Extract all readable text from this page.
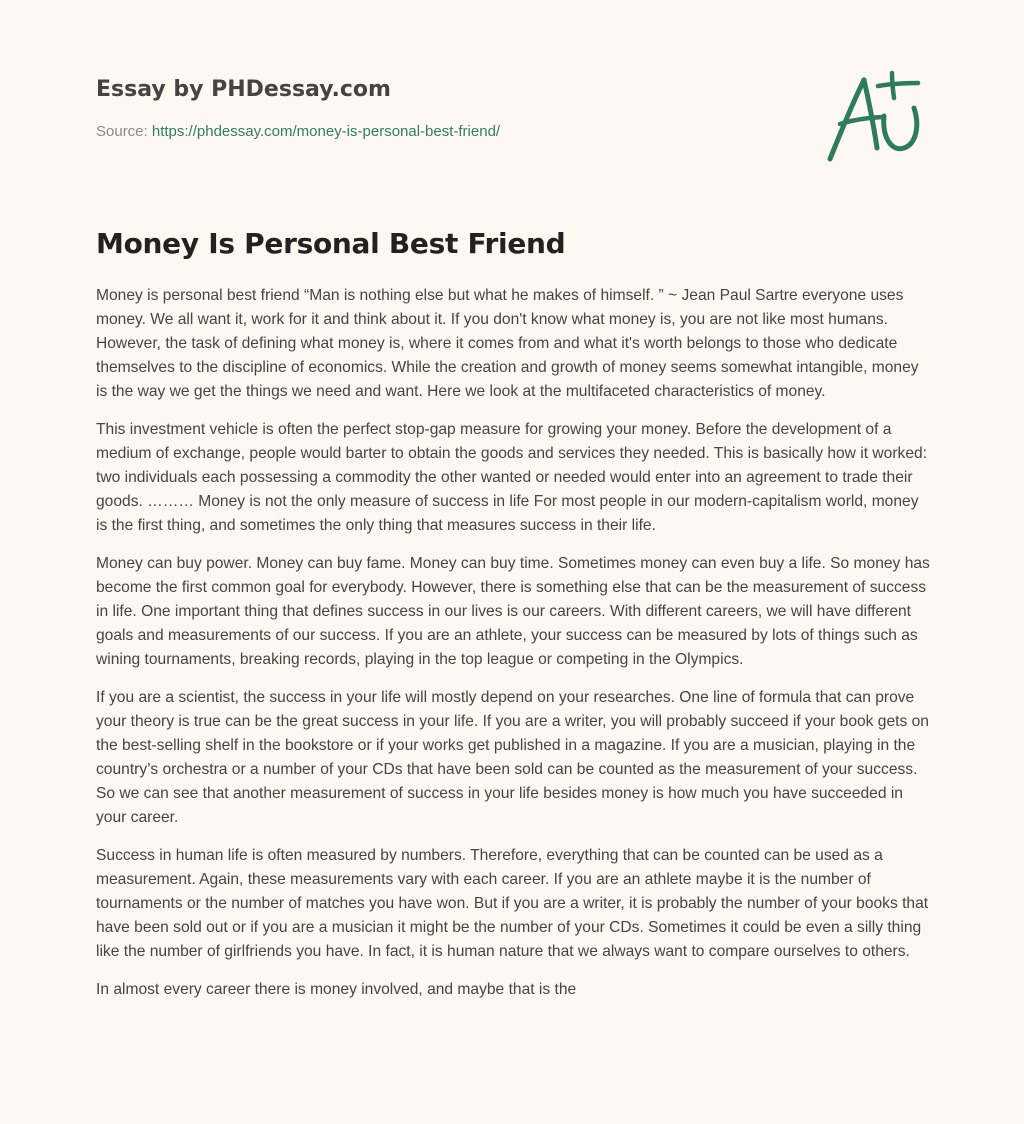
Essay by PHDessay.com
Source: https://phdessay.com/money-is-personal-best-friend/
Money Is Personal Best Friend

Money is personal best friend “Man is nothing else but what he makes of himself. ” ~ Jean Paul Sartre everyone uses money. We all want it, work for it and think about it. If you don't know what money is, you are not like most humans. However, the task of defining what money is, where it comes from and what it's worth belongs to those who dedicate themselves to the discipline of economics. While the creation and growth of money seems somewhat intangible, money is the way we get the things we need and want. Here we look at the multifaceted characteristics of money.

This investment vehicle is often the perfect stop-gap measure for growing your money. Before the development of a medium of exchange, people would barter to obtain the goods and services they needed. This is basically how it worked: two individuals each possessing a commodity the other wanted or needed would enter into an agreement to trade their goods. ……… Money is not the only measure of success in life For most people in our modern-capitalism world, money is the first thing, and sometimes the only thing that measures success in their life.

Money can buy power. Money can buy fame. Money can buy time. Sometimes money can even buy a life. So money has become the first common goal for everybody. However, there is something else that can be the measurement of success in life. One important thing that defines success in our lives is our careers. With different careers, we will have different goals and measurements of our success. If you are an athlete, your success can be measured by lots of things such as wining tournaments, breaking records, playing in the top league or competing in the Olympics.

If you are a scientist, the success in your life will mostly depend on your researches. One line of formula that can prove your theory is true can be the great success in your life. If you are a writer, you will probably succeed if your book gets on the best-selling shelf in the bookstore or if your works get published in a magazine. If you are a musician, playing in the country’s orchestra or a number of your CDs that have been sold can be counted as the measurement of your success. So we can see that another measurement of success in your life besides money is how much you have succeeded in your career.

Success in human life is often measured by numbers. Therefore, everything that can be counted can be used as a measurement. Again, these measurements vary with each career. If you are an athlete maybe it is the number of tournaments or the number of matches you have won. But if you are a writer, it is probably the number of your books that have been sold out or if you are a musician it might be the number of your CDs. Sometimes it could be even a silly thing like the number of girlfriends you have. In fact, it is human nature that we always want to compare ourselves to others.

In almost every career there is money involved, and maybe that is the
